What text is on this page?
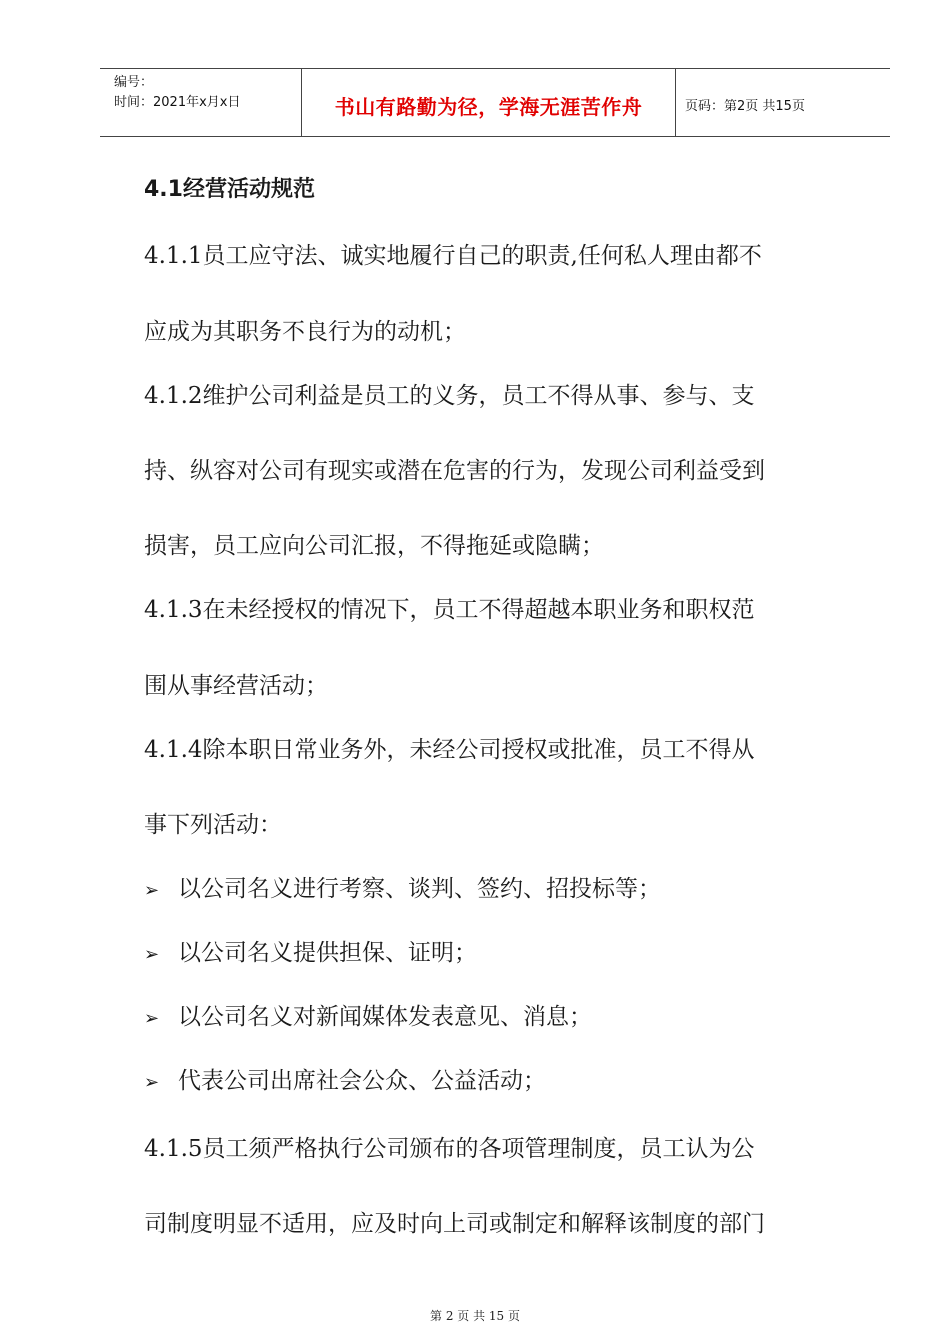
编号：
时间：2021年x月x日	书山有路勤为径，学海无涯苦作舟	页码：第2页 共15页
4.1经营活动规范
4.1.1员工应守法、诚实地履行自己的职责,任何私人理由都不
应成为其职务不良行为的动机；
4.1.2维护公司利益是员工的义务，员工不得从事、参与、支
持、纵容对公司有现实或潜在危害的行为，发现公司利益受到
损害，员工应向公司汇报，不得拖延或隐瞒；
4.1.3在未经授权的情况下，员工不得超越本职业务和职权范
围从事经营活动；
4.1.4除本职日常业务外，未经公司授权或批准，员工不得从
事下列活动：
➢ 以公司名义进行考察、谈判、签约、招投标等；
➢ 以公司名义提供担保、证明；
➢ 以公司名义对新闻媒体发表意见、消息；
➢ 代表公司出席社会公众、公益活动；
4.1.5员工须严格执行公司颁布的各项管理制度，员工认为公
司制度明显不适用，应及时向上司或制定和解释该制度的部门
第 2 页 共 15 页
